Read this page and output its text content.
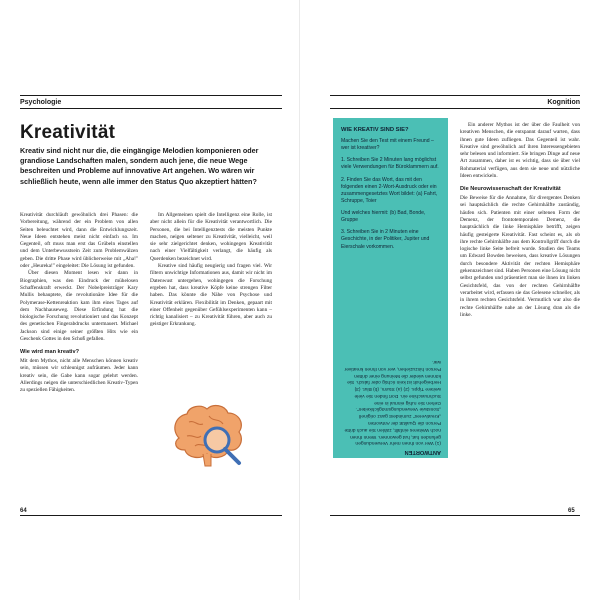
Psychologie
Kreativität
Kreativ sind nicht nur die, die eingängige Melodien komponieren oder grandiose Landschaften malen, sondern auch jene, die neue Wege beschreiten und Probleme auf innovative Art angehen. Wo wären wir schließlich heute, wenn alle immer den Status Quo akzeptiert hätten?

Kreativität durchläuft gewöhnlich drei Phasen: die Vorbereitung, während der ein Problem von allen Seiten beleuchtet wird, dann die Entwicklungszeit. Neue Ideen entstehen meist nicht einfach so. Im Gegenteil, oft muss man erst das Grübeln einstellen und dem Unterbewusstsein Zeit zum Problemwälzen geben. Die dritte Phase wird üblicherweise mit „Aha!" oder „Heureka!" eingeleitet: Die Lösung ist gefunden.

Über diesen Moment lesen wir dann in Biographien, was den Eindruck der mühelosen Schaffenskraft erweckt. Der Nobelpreisträger Kary Mullis behauptete, die revolutionäre Idee für die Polymerase-Kettenreaktion kam ihm eines Tages auf dem Nachhauseweg. Diese Erfindung hat die biologische Forschung revolutioniert und das Konzept des genetischen Fingerabdrucks untermauert. Michael Jackson sind einige seiner größten Hits wie ein Geschenk Gottes in den Schoß gefallen.

Wie wird man kreativ?

Mit dem Mythos, nicht alle Menschen können kreativ sein, müssen wir schleunigst aufräumen. Jeder kann kreativ sein, die Gabe kann sogar gelehrt werden. Allerdings neigen die unterschiedlichen Kreativ-Typen zu speziellen Fähigkeiten.

Im Allgemeinen spielt die Intelligenz eine Rolle, ist aber nicht allein für die Kreativität verantwortlich. Die Personen, die bei Intelligenztests die meisten Punkte machen, neigen seltener zu Kreativität, vielleicht, weil sie sehr zielgerichtet denken, wohingegen Kreativität nach einer Vielfältigkeit verlangt, die häufig als Querdenken bezeichnet wird.

Kreative sind häufig neugierig und fragen viel. Wir filtern unwichtige Informationen aus, damit wir nicht im Datenwust untergehen, wohingegen die Forschung ergeben hat, dass kreative Köpfe keine strengen Filter haben. Das könnte die Nähe von Psychose und Kreativität erklären. Flexibilität im Denken, gepaart mit einer Offenheit gegenüber Gefühlsexperimenten kann – richtig kanalisiert – zu Kreativität führen, aber auch zu geistiger Erkrankung.

64
Kognition
WIE KREATIV SIND SIE?

Machen Sie den Test mit einem Freund – wer ist kreativer?

1. Schreiben Sie 2 Minuten lang möglichst viele Verwendungen für Büroklammern auf.

2. Finden Sie das Wort, das mit den folgenden einen 2-Wort-Ausdruck oder ein zusammengesetztes Wort bildet: (a) Fahrt, Schruppe, Toier

Und welches hiermit: (b) Bad, Bonde, Gruppe

3. Schreiben Sie in 2 Minuten eine Geschichte, in der Politiker, Jupiter und Eierschale vorkommen.

ANTWORTEN

(1) Wer von Ihnen mehr Verwendungen gefunden hat, hat gewonnen. Wenn Ihnen noch Weiteres einfällt, zählen Sie auch dritte Person die Qualität der Antworten „Kreativeres" zumindest ganz originell „Sonstwie Verwendungsmöglichkeiten". Gehen Sie ruhig einmal in eine Suchmaschine ein. Dort finden Sie viele weitere Tipps. (2) (a) Sturm, (b) Blut. (3) Herbeigeholt ist kein richtig oder falsch. Sie können wieder die Meinung einer dritten Person hinzuziehen, wer von Ihnen kreativer war.

Ein anderer Mythos ist der über die Faulheit von kreativen Menschen, die entspannt darauf warten, dass ihnen gute Ideen zufliegen. Das Gegenteil ist wahr. Kreative sind gewöhnlich auf ihren Interessengebieten sehr belesen und informiert. Sie bringen Dinge auf neue Art zusammen, daher ist es wichtig, dass sie über viel Rohmaterial verfügen, aus dem sie neue und nützliche Ideen entwickeln.

Die Neurowissenschaft der Kreativität

Die Beweise für die Annahme, für divergentes Denken sei hauptsächlich die rechte Gehirnhälfte zuständig, häufen sich. Patienten mit einer seltenen Form der Demenz, der frontotemporalen Demenz, die hauptsächlich die linke Hemisphäre betrifft, zeigen häufig gesteigerte Kreativität. Fast scheint es, als ob ihre rechte Gehirnhälfte aus dem Kontrollgriff durch die logische linke Seite befreit wurde. Studien des Teams um Edward Bowden beweisen, dass kreative Lösungen durch besondere Aktivität der rechten Hemisphäre gekennzeichnet sind. Haben Personen eine Lösung nicht selbst gefunden und präsentiert man sie ihnen im linken Gesichtsfeld, das von der rechten Gehirnhälfte verarbeitet wird, erfassen sie das Gelesene schneller, als in ihrem rechten Gesichtsfeld. Vermutlich war also die rechte Gehirnhälfte nahe an der Lösung dran als die linke.

65
